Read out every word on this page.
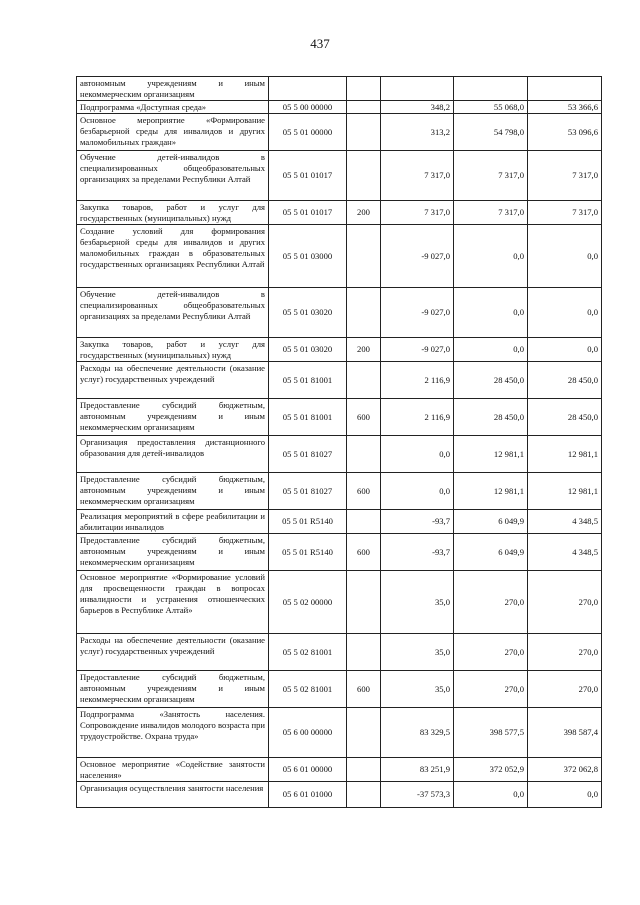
437
автономным учреждениям и иным некоммерческим организациям					
Подпрограмма «Доступная среда»	05 5 00 00000		348,2	55 068,0	53 366,6
Основное мероприятие «Формирование безбарьерной среды для инвалидов и других маломобильных граждан»	05 5 01 00000		313,2	54 798,0	53 096,6
Обучение детей-инвалидов в специализированных общеобразовательных организациях за пределами Республики Алтай	05 5 01 01017		7 317,0	7 317,0	7 317,0
Закупка товаров, работ и услуг для государственных (муниципальных) нужд	05 5 01 01017	200	7 317,0	7 317,0	7 317,0
Создание условий для формирования безбарьерной среды для инвалидов и других маломобильных граждан в образовательных государственных организациях Республики Алтай	05 5 01 03000		-9 027,0	0,0	0,0
Обучение детей-инвалидов в специализированных общеобразовательных организациях за пределами Республики Алтай	05 5 01 03020		-9 027,0	0,0	0,0
Закупка товаров, работ и услуг для государственных (муниципальных) нужд	05 5 01 03020	200	-9 027,0	0,0	0,0
Расходы на обеспечение деятельности (оказание услуг) государственных учреждений	05 5 01 81001		2 116,9	28 450,0	28 450,0
Предоставление субсидий бюджетным, автономным учреждениям и иным некоммерческим организациям	05 5 01 81001	600	2 116,9	28 450,0	28 450,0
Организация предоставления дистанционного образования для детей-инвалидов	05 5 01 81027		0,0	12 981,1	12 981,1
Предоставление субсидий бюджетным, автономным учреждениям и иным некоммерческим организациям	05 5 01 81027	600	0,0	12 981,1	12 981,1
Реализация мероприятий в сфере реабилитации и абилитации инвалидов	05 5 01 R5140		-93,7	6 049,9	4 348,5
Предоставление субсидий бюджетным, автономным учреждениям и иным некоммерческим организациям	05 5 01 R5140	600	-93,7	6 049,9	4 348,5
Основное мероприятие «Формирование условий для просвещенности граждан в вопросах инвалидности и устранения отношенческих барьеров в Республике Алтай»	05 5 02 00000		35,0	270,0	270,0
Расходы на обеспечение деятельности (оказание услуг) государственных учреждений	05 5 02 81001		35,0	270,0	270,0
Предоставление субсидий бюджетным, автономным учреждениям и иным некоммерческим организациям	05 5 02 81001	600	35,0	270,0	270,0
Подпрограмма «Занятость населения. Сопровождение инвалидов молодого возраста при трудоустройстве. Охрана труда»	05 6 00 00000		83 329,5	398 577,5	398 587,4
Основное мероприятие «Содействие занятости населения»	05 6 01 00000		83 251,9	372 052,9	372 062,8
Организация осуществления занятости населения	05 6 01 01000		-37 573,3	0,0	0,0
